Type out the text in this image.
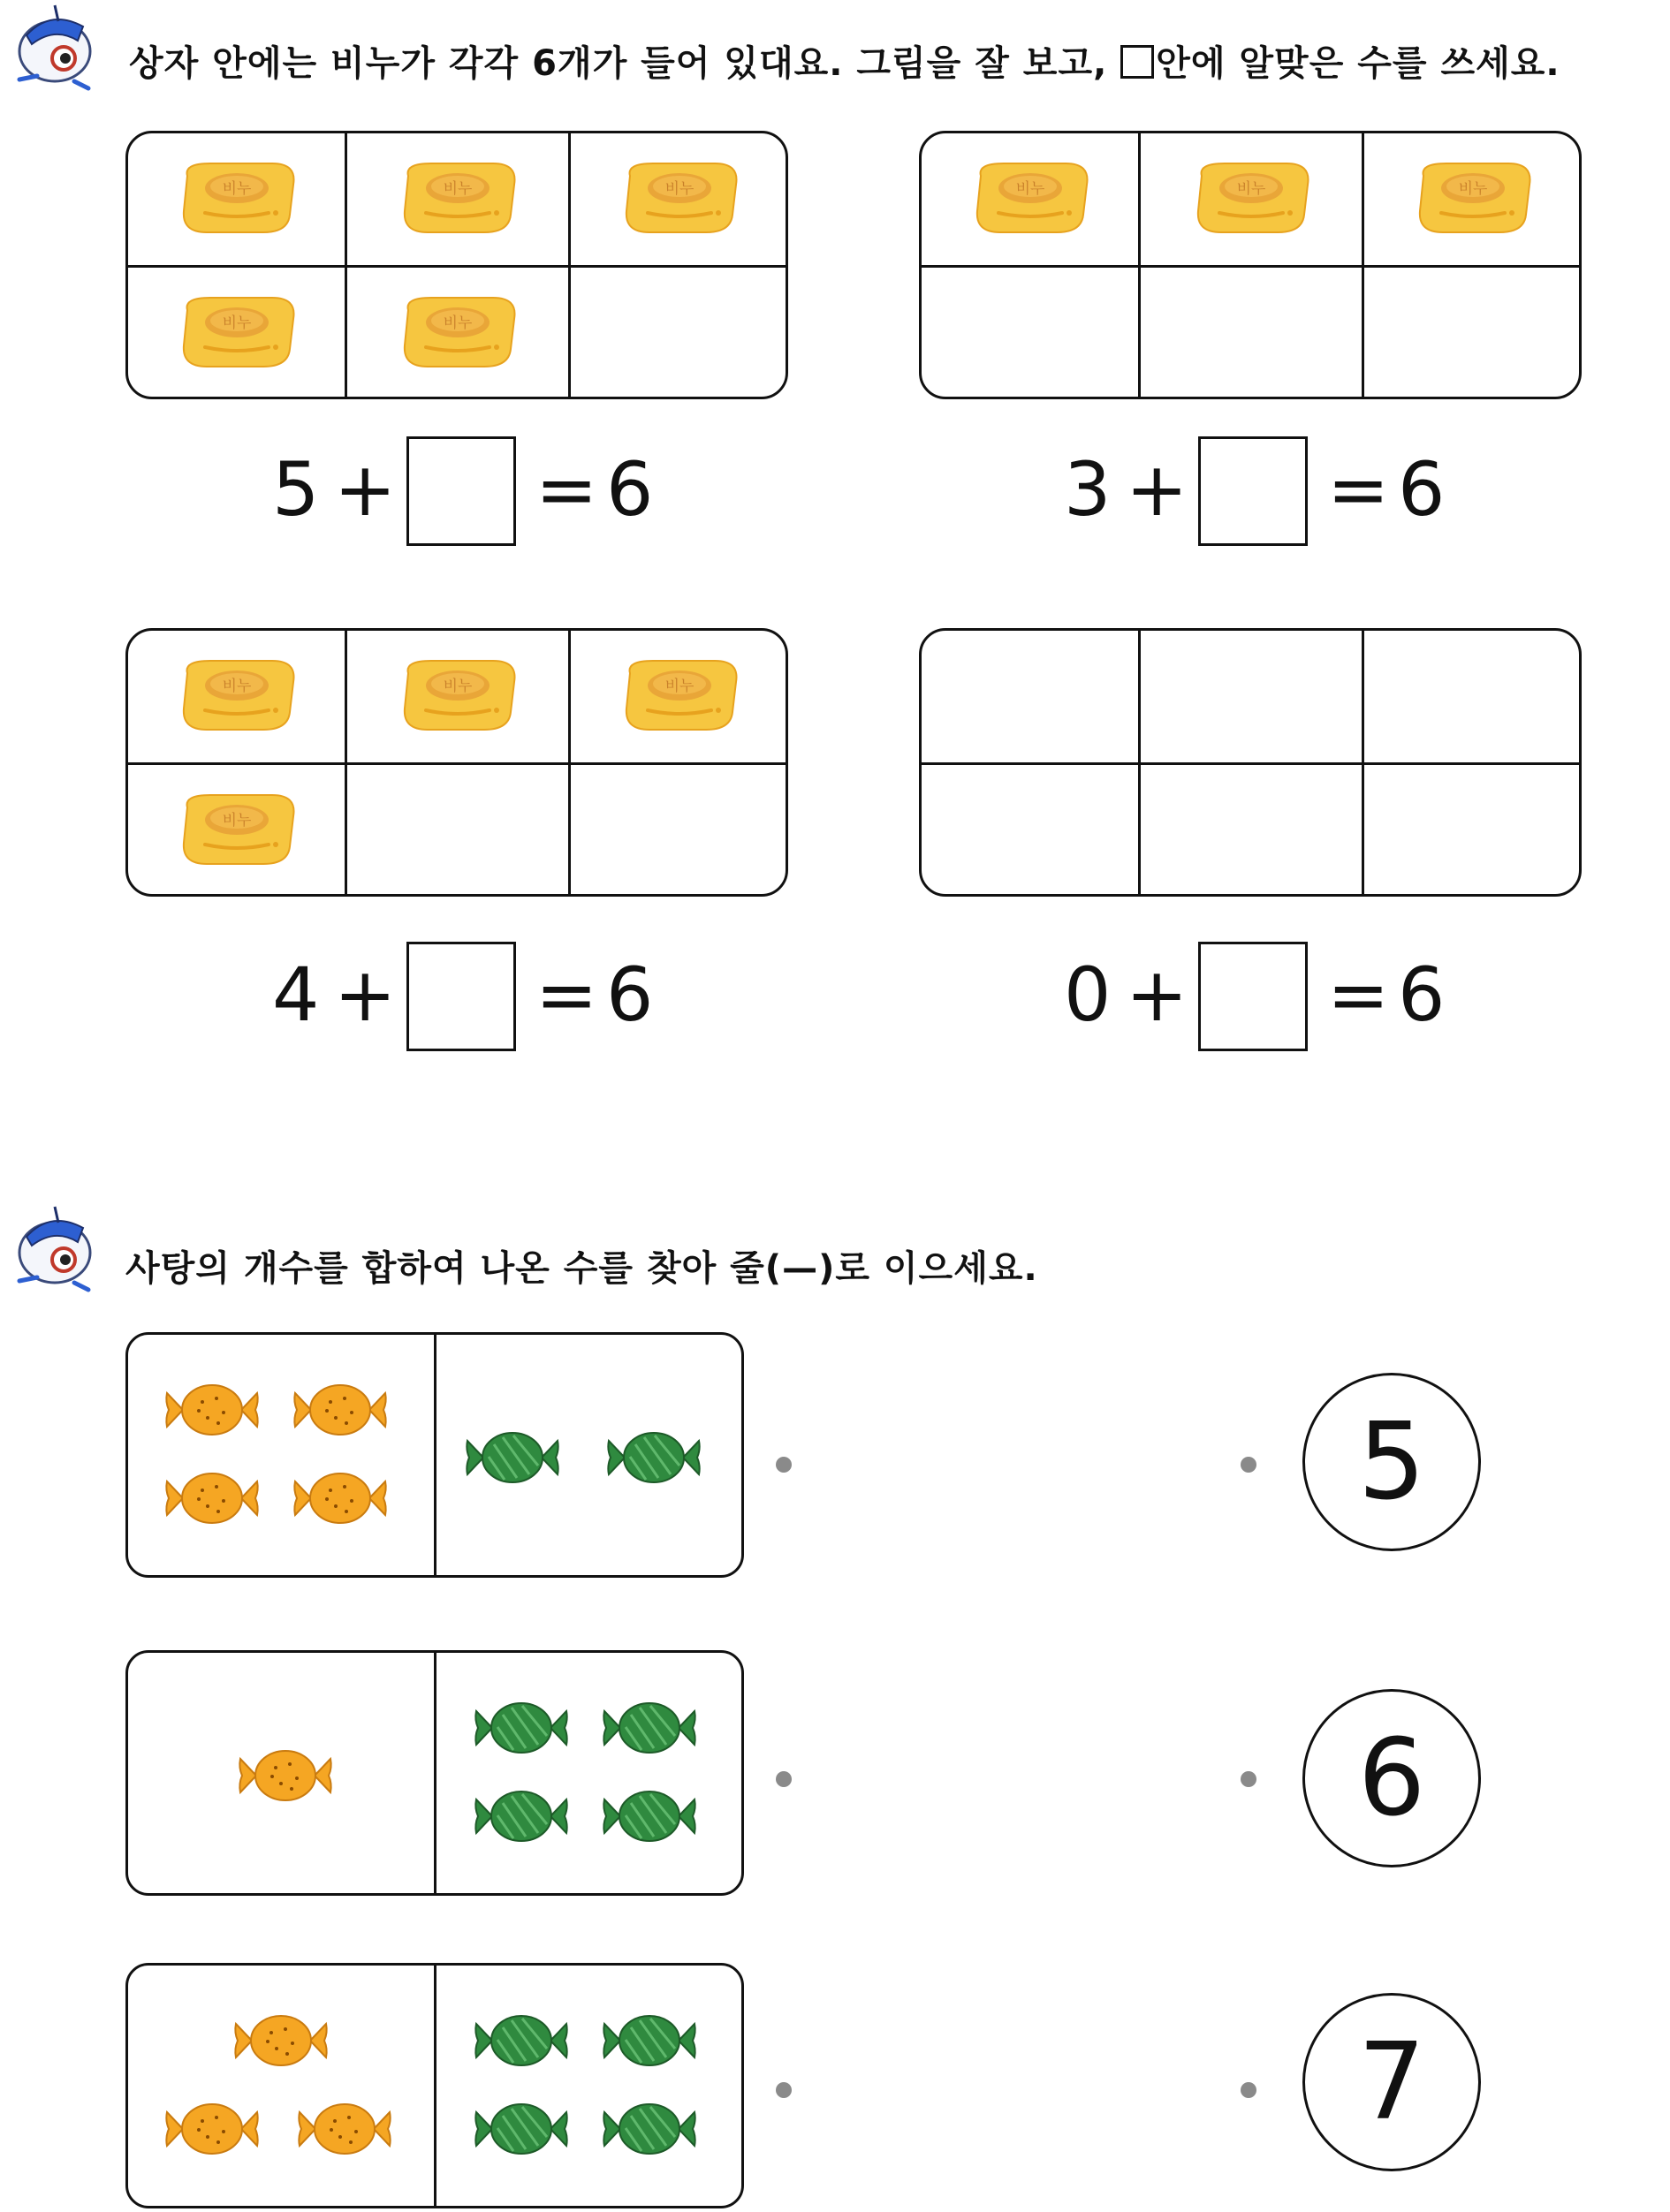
상자 안에는 비누가 각각 6개가 들어 있대요. 그림을 잘 보고, 안에 알맞은 수를 쓰세요.
비누	비누	비누
비누	비누
비누	비누	비누
비누	비누	비누
비누
5 + = 6	3 + = 6
4 + = 6	0 + = 6
사탕의 개수를 합하여 나온 수를 찾아 줄(—)로 이으세요.
5
6
7
